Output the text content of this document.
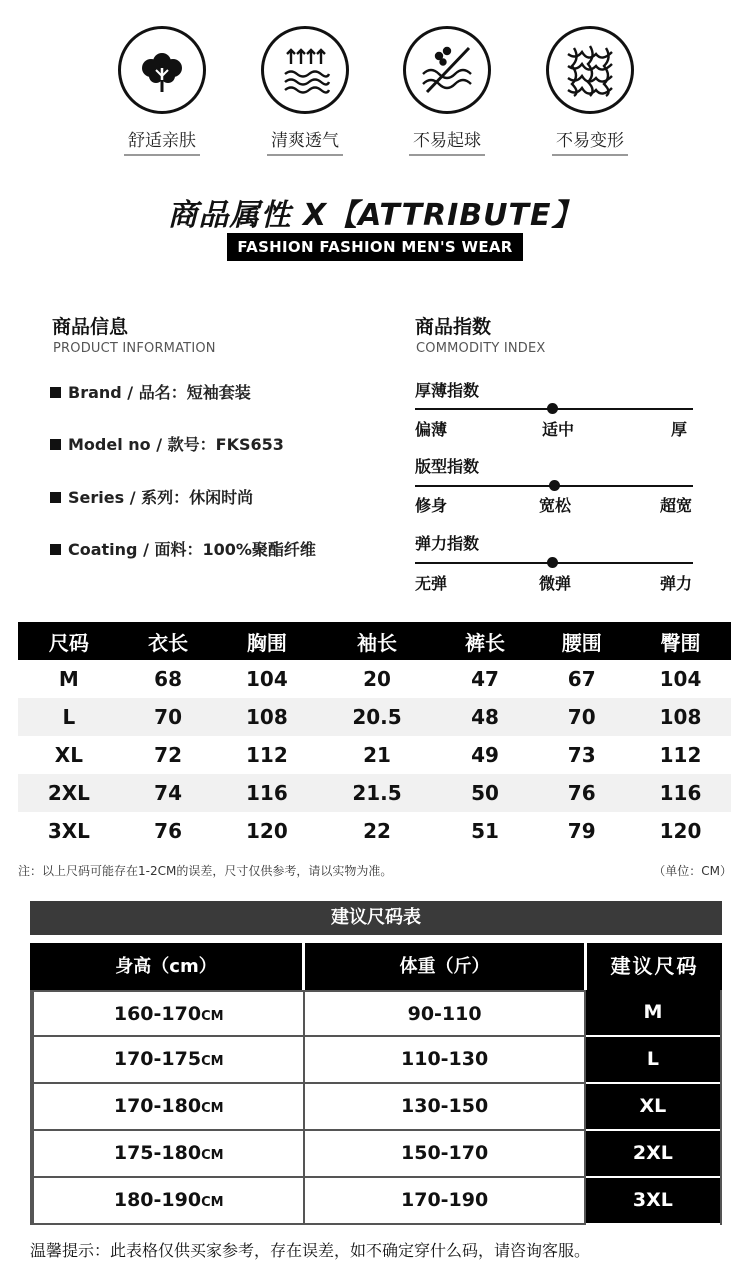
舒适亲肤	清爽透气	不易起球	不易变形
商品属性 X【ATTRIBUTE】
FASHION FASHION MEN'S WEAR
商品信息
PRODUCT INFORMATION
Brand / 品名：短袖套装
Model no / 款号：FKS653
Series / 系列：休闲时尚
Coating / 面料：100%聚酯纤维
商品指数
COMMODITY INDEX
厚薄指数
偏薄	适中	厚
版型指数
修身	宽松	超宽
弹力指数
无弹	微弹	弹力
尺码	衣长	胸围	袖长	裤长	腰围	臀围
M	68	104	20	47	67	104
L	70	108	20.5	48	70	108
XL	72	112	21	49	73	112
2XL	74	116	21.5	50	76	116
3XL	76	120	22	51	79	120
注：以上尺码可能存在1-2CM的误差，尺寸仅供参考，请以实物为准。	（单位：CM）
建议尺码表
身高（cm）	体重（斤）	建议尺码
160-170CM	90-110	M
170-175CM	110-130	L
170-180CM	130-150	XL
175-180CM	150-170	2XL
180-190CM	170-190	3XL
温馨提示：此表格仅供买家参考，存在误差，如不确定穿什么码，请咨询客服。
